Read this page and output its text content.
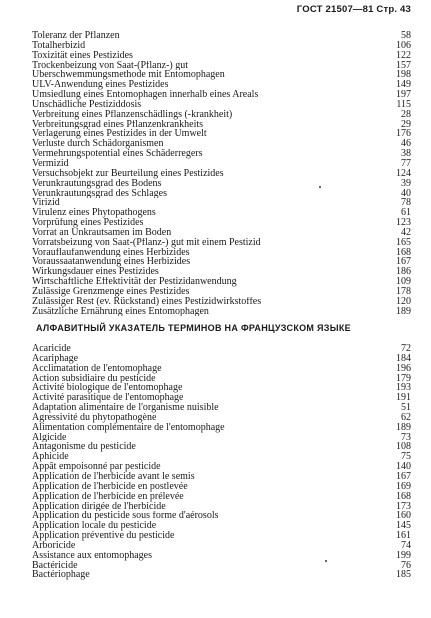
ГОСТ 21507—81 Стр. 43
Toleranz der Pflanzen	58
Totalherbizid	106
Toxizität eines Pestizides	122
Trockenbeizung von Saat-(Pflanz-) gut	157
Überschwemmungsmethode mit Entomophagen	198
ULV-Anwendung eines Pestizides	149
Umsiedlung eines Entomophagen innerhalb eines Areals	197
Unschädliche Pestiziddosis	115
Verbreitung eines Pflanzenschädlings (-krankheit)	28
Verbreitungsgrad eines Pflanzenkrankheits	29
Verlagerung eines Pestizides in der Umwelt	176
Verluste durch Schädorganismen	46
Vermehrungspotential eines Schäderregers	38
Vermizid	77
Versuchsobjekt zur Beurteilung eines Pestizides	124
Verunkrautungsgrad des Bodens	39
Verunkrautungsgrad des Schlages	40
Virizid	78
Virulenz eines Phytopathogens	61
Vorprüfung eines Pestizides	123
Vorrat an Unkrautsamen im Boden	42
Vorratsbeizung von Saat-(Pflanz-) gut mit einem Pestizid	165
Vorauflaufanwendung eines Herbizides	168
Voraussaatanwendung eines Herbizides	167
Wirkungsdauer eines Pestizides	186
Wirtschaftliche Effektivität der Pestizidanwendung	109
Zulässige Grenzmenge eines Pestizides	178
Zulässiger Rest (ev. Rückstand) eines Pestizidwirkstoffes	120
Zusätzliche Ernährung eines Entomophagen	189
АЛФАВИТНЫЙ УКАЗАТЕЛЬ ТЕРМИНОВ НА ФРАНЦУЗСКОМ ЯЗЫКЕ
Acaricide	72
Acariphage	184
Acclimatation de l'entomophage	196
Action subsidiaire du pesticide	179
Activité biologique de l'entomophage	193
Activité parasitique de l'entomophage	191
Adaptation alimentaire de l'organisme nuisible	51
Agressivité du phytopathogène	62
Alimentation complémentaire de l'entomophage	189
Algicide	73
Antagonisme du pesticide	108
Aphicide	75
Appât empoisonné par pesticide	140
Application de l'herbicide avant le semis	167
Application de l'herbicide en postlevée	169
Application de l'herbicide en prélevée	168
Application dirigée de l'herbicide	173
Application du pesticide sous forme d'aérosols	160
Application locale du pesticide	145
Application préventive du pesticide	161
Arboricide	74
Assistance aux entomophages	199
Bactéricide	76
Bactériophage	185
